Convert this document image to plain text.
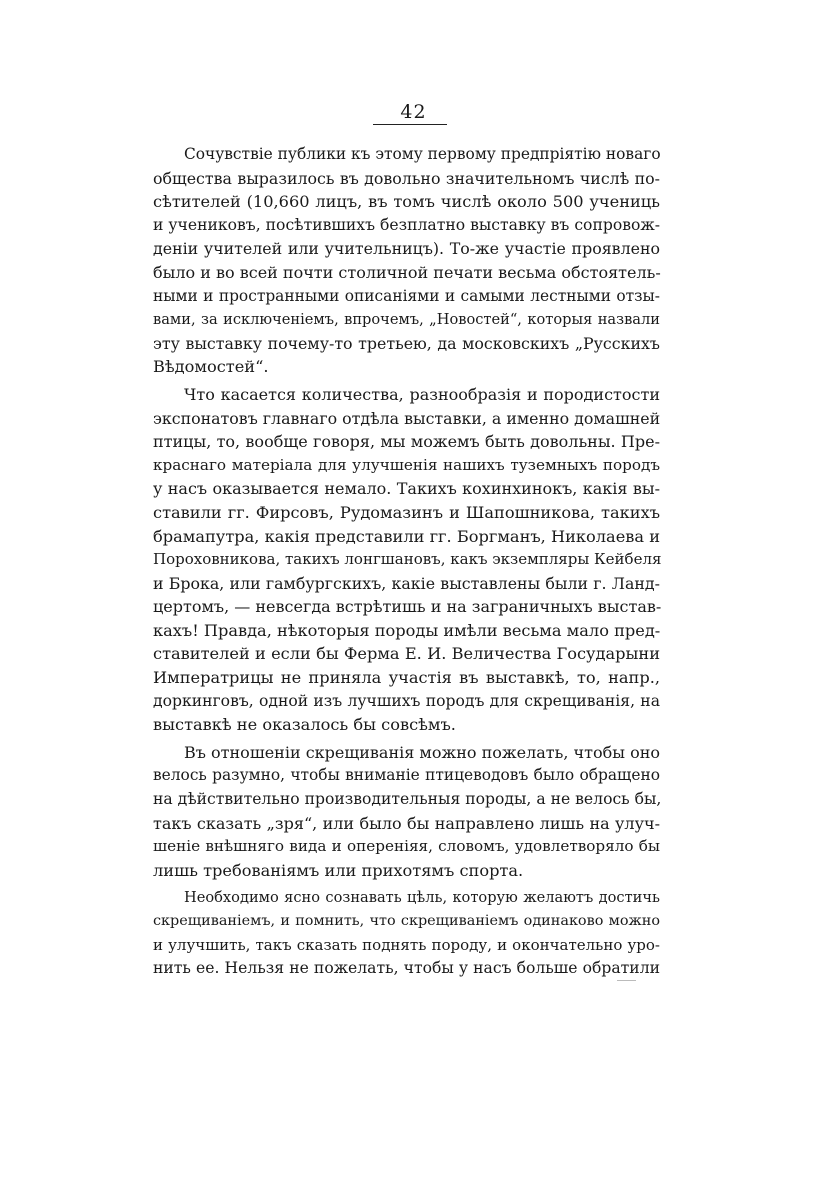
42
Сочувствіе публики къ этому первому предпріятію новаго
общества выразилось въ довольно значительномъ числѣ по-
сѣтителей (10,660 лицъ, въ томъ числѣ около 500 учениць
и учениковъ, посѣтившихъ безплатно выставку въ сопровож-
деніи учителей или учительницъ). То-же участіе проявлено
было и во всей почти столичной печати весьма обстоятель-
ными и пространными описаніями и самыми лестными отзы-
вами, за исключеніемъ, впрочемъ, „Новостей“, которыя назвали
эту выставку почему-то третьею, да московскихъ „Русскихъ
Вѣдомостей“.
Что касается количества, разнообразія и породистости
экспонатовъ главнаго отдѣла выставки, а именно домашней
птицы, то, вообще говоря, мы можемъ быть довольны. Пре-
краснаго матеріала для улучшенія нашихъ туземныхъ породъ
у насъ оказывается немало. Такихъ кохинхинокъ, какія вы-
ставили гг. Фирсовъ, Рудомазинъ и Шапошникова, такихъ
брамапутра, какія представили гг. Боргманъ, Николаева и
Пороховникова, такихъ лонгшановъ, какъ экземпляры Кейбеля
и Брока, или гамбургскихъ, какіе выставлены были г. Ланд-
цертомъ, — невсегда встрѣтишь и на заграничныхъ выстав-
кахъ! Правда, нѣкоторыя породы имѣли весьма мало пред-
ставителей и если бы Ферма Е. И. Величества Государыни
Императрицы не приняла участія въ выставкѣ, то, напр.,
доркинговъ, одной изъ лучшихъ породъ для скрещиванія, на
выставкѣ не оказалось бы совсѣмъ.
Въ отношеніи скрещиванія можно пожелать, чтобы оно
велось разумно, чтобы вниманіе птицеводовъ было обращено
на дѣйствительно производительныя породы, а не велось бы,
такъ сказать „зря“, или было бы направлено лишь на улуч-
шеніе внѣшняго вида и опереніяя, словомъ, удовлетворяло бы
лишь требованіямъ или прихотямъ спорта.
Необходимо ясно сознавать цѣль, которую желаютъ достичь
скрещиваніемъ, и помнить, что скрещиваніемъ одинаково можно
и улучшить, такъ сказать поднять породу, и окончательно уро-
нить ее. Нельзя не пожелать, чтобы у насъ больше обратили
